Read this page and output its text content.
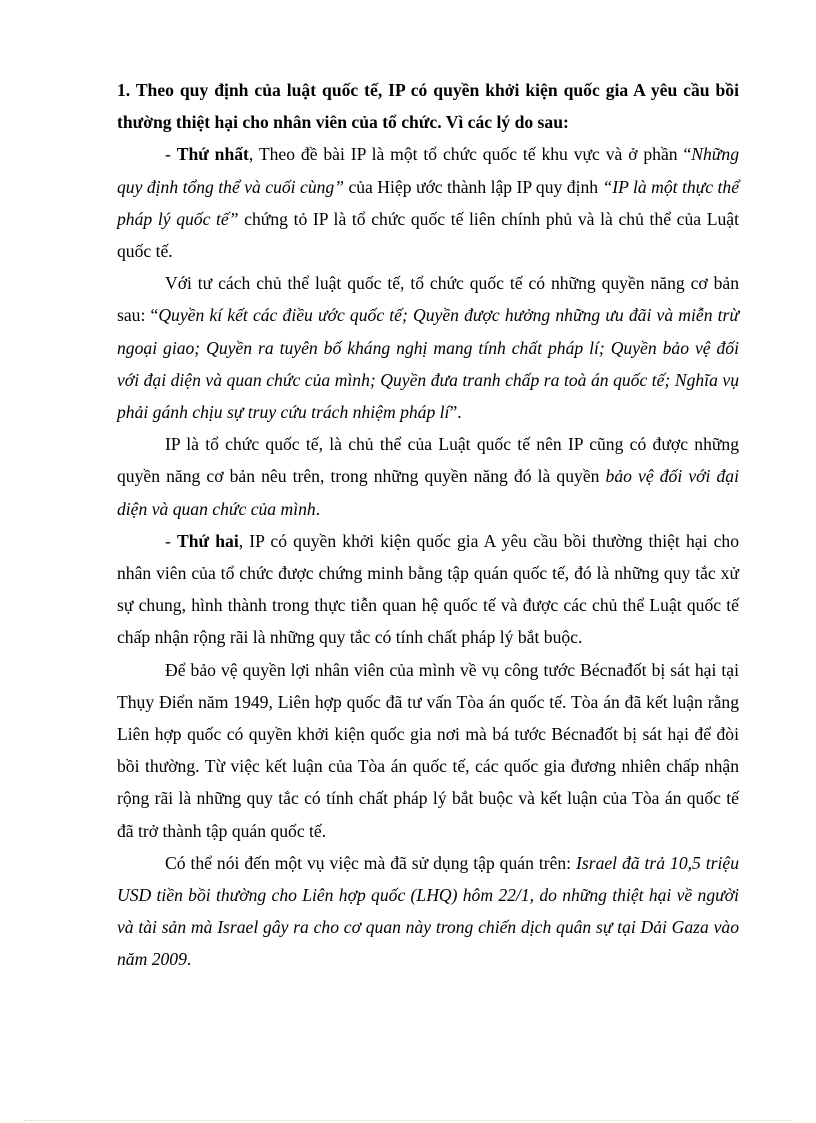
1. Theo quy định của luật quốc tế, IP có quyền khởi kiện quốc gia A yêu cầu bồi thường thiệt hại cho nhân viên của tổ chức. Vì các lý do sau:

- Thứ nhất, Theo đề bài IP là một tổ chức quốc tế khu vực và ở phần “Những quy định tổng thể và cuối cùng” của Hiệp ước thành lập IP quy định “IP là một thực thể pháp lý quốc tế” chứng tỏ IP là tổ chức quốc tế liên chính phủ và là chủ thể của Luật quốc tế.

Với tư cách chủ thể luật quốc tế, tổ chức quốc tế có những quyền năng cơ bản sau: “Quyền kí kết các điều ước quốc tế; Quyền được hưởng những ưu đãi và miễn trừ ngoại giao; Quyền ra tuyên bố kháng nghị mang tính chất pháp lí; Quyền bảo vệ đối với đại diện và quan chức của mình; Quyền đưa tranh chấp ra toà án quốc tế; Nghĩa vụ phải gánh chịu sự truy cứu trách nhiệm pháp lí”.

IP là tổ chức quốc tế, là chủ thể của Luật quốc tế nên IP cũng có được những quyền năng cơ bản nêu trên, trong những quyền năng đó là quyền bảo vệ đối với đại diện và quan chức của mình.

- Thứ hai, IP có quyền khởi kiện quốc gia A yêu cầu bồi thường thiệt hại cho nhân viên của tổ chức được chứng minh bằng tập quán quốc tế, đó là những quy tắc xử sự chung, hình thành trong thực tiễn quan hệ quốc tế và được các chủ thể Luật quốc tế chấp nhận rộng rãi là những quy tắc có tính chất pháp lý bắt buộc.

Để bảo vệ quyền lợi nhân viên của mình về vụ công tước Bécnađốt bị sát hại tại Thụy Điển năm 1949, Liên hợp quốc đã tư vấn Tòa án quốc tế. Tòa án đã kết luận rằng Liên hợp quốc có quyền khởi kiện quốc gia nơi mà bá tước Bécnađốt bị sát hại để đòi bồi thường. Từ việc kết luận của Tòa án quốc tế, các quốc gia đương nhiên chấp nhận rộng rãi là những quy tắc có tính chất pháp lý bắt buộc và kết luận của Tòa án quốc tế đã trở thành tập quán quốc tế.

Có thể nói đến một vụ việc mà đã sử dụng tập quán trên: Israel đã trả 10,5 triệu USD tiền bồi thường cho Liên hợp quốc (LHQ) hôm 22/1, do những thiệt hại về người và tài sản mà Israel gây ra cho cơ quan này trong chiến dịch quân sự tại Dải Gaza vào năm 2009.
